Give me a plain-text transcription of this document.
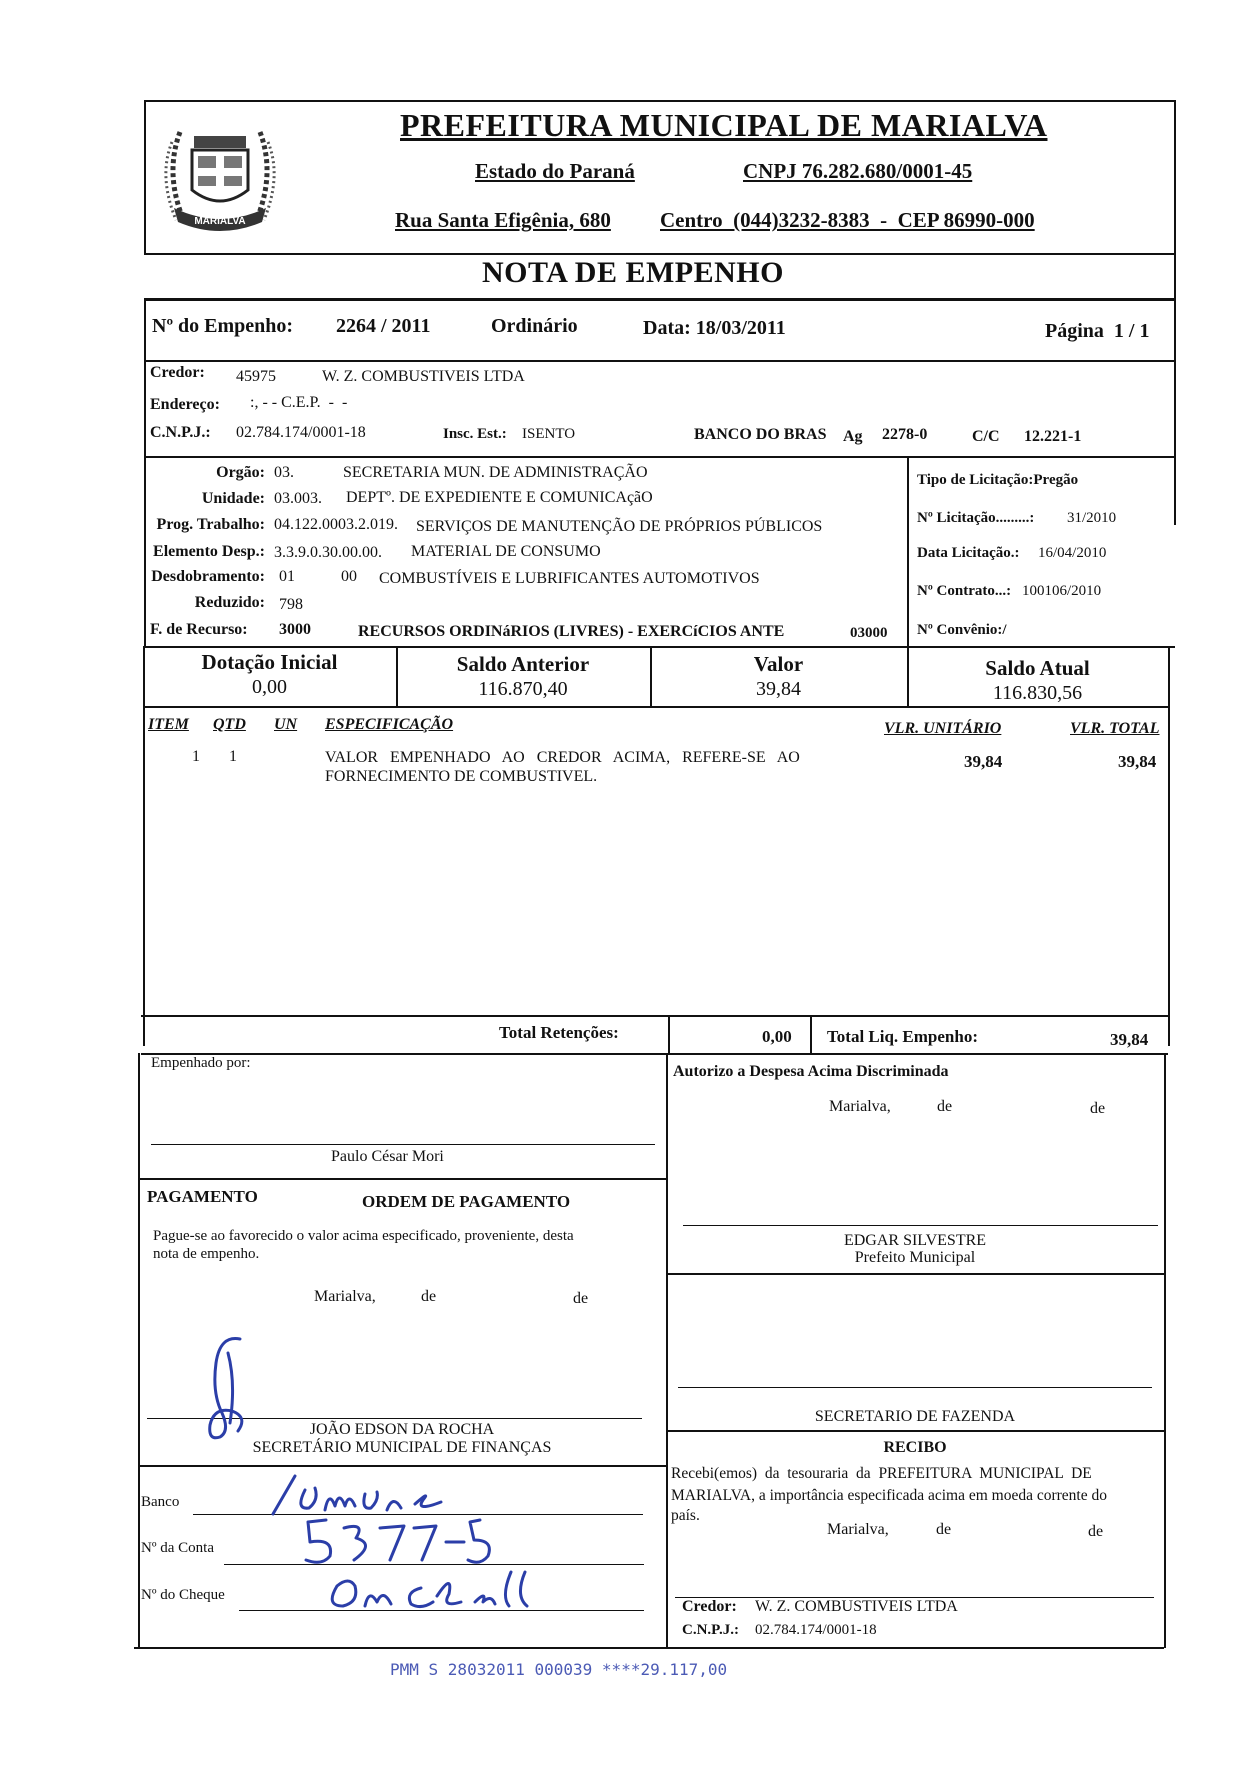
MARIALVA
PREFEITURA MUNICIPAL DE MARIALVA
Estado do Paraná	CNPJ 76.282.680/0001-45
Rua Santa Efigênia, 680 Centro  (044)3232-8383  -  CEP 86990-000
NOTA DE EMPENHO
Nº do Empenho: 2264 / 2011	Ordinário	Data: 18/03/2011	Página  1 / 1
Credor: 45975	W. Z. COMBUSTIVEIS LTDA
Endereço: :, - - C.E.P.  -  -
C.N.P.J.: 02.784.174/0001-18	Insc. Est.: ISENTO	BANCO DO BRAS Ag 2278-0	C/C 12.221-1
Orgão: 03.	SECRETARIA MUN. DE ADMINISTRAÇÃO
Unidade: 03.003. DEPTº. DE EXPEDIENTE E COMUNICAçãO
Prog. Trabalho: 04.122.0003.2.019. SERVIÇOS DE MANUTENÇÃO DE PRÓPRIOS PÚBLICOS
Elemento Desp.: 3.3.9.0.30.00.00. MATERIAL DE CONSUMO
Desdobramento: 01	00 COMBUSTÍVEIS E LUBRIFICANTES AUTOMOTIVOS
Reduzido: 798
F. de Recurso: 3000	RECURSOS ORDINáRIOS (LIVRES) - EXERCíCIOS ANTE	03000
Tipo de Licitação:Pregão
Nº Licitação.........: 31/2010
Data Licitação.: 16/04/2010
Nº Contrato...: 100106/2010
Nº Convênio:/
Dotação Inicial
0,00
Saldo Anterior
116.870,40
Valor
39,84
Saldo Atual
116.830,56
ITEM QTD UN ESPECIFICAÇÃO	VLR. UNITÁRIO	VLR. TOTAL
1 1	VALOR   EMPENHADO   AO   CREDOR   ACIMA,   REFERE-SE   AO
FORNECIMENTO DE COMBUSTIVEL.
39,84	39,84
Total Retenções:	0,00 Total Liq. Empenho:	39,84
Empenhado por:
Paulo César Mori
Autorizo a Despesa Acima Discriminada
Marialva,	de	de
EDGAR SILVESTRE
Prefeito Municipal
PAGAMENTO	ORDEM DE PAGAMENTO
Pague-se ao favorecido o valor acima especificado, proveniente, desta
nota de empenho.
Marialva,	de	de
JOÃO EDSON DA ROCHA
SECRETÁRIO MUNICIPAL DE FINANÇAS
SECRETARIO DE FAZENDA
Banco
Nº da Conta
Nº do Cheque
RECIBO
Recebi(emos)  da  tesouraria  da  PREFEITURA  MUNICIPAL  DE
MARIALVA, a importância especificada acima em moeda corrente do
país.
Marialva,	de	de
Credor: W. Z. COMBUSTIVEIS LTDA
C.N.P.J.: 02.784.174/0001-18
PMM S 28032011 000039 ****29.117,00
